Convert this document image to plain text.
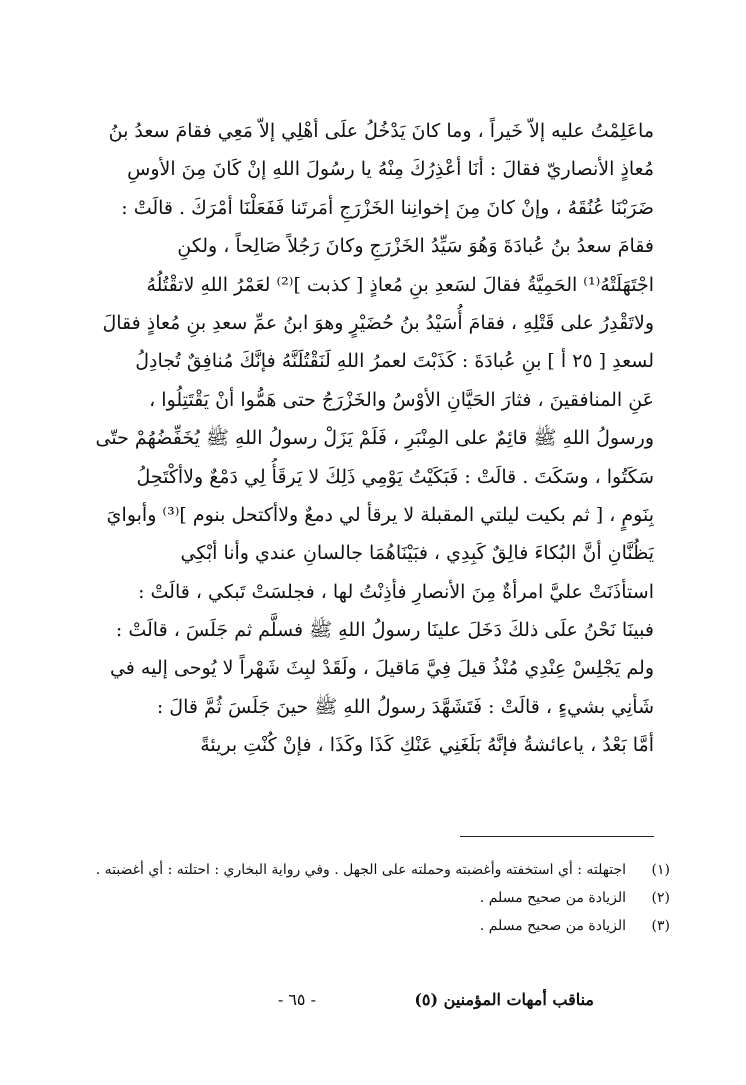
ماعَلِمْتُ عليه إلاّ خَيراً ، وما كانَ يَدْخُلُ علَى أهْلِي إلاّ مَعِي فقامَ سعدُ بنُ
مُعاذٍ الأنصاريّ فقالَ : أنَا أعْذِرُكَ مِنْهُ يا رسُولَ اللهِ إنْ كَانَ مِنَ الأوسِ
ضَرَبْنَا عُنُقَهُ ، وإنْ كانَ مِنَ إخوانِنا الخَزْرَجِ أمَرتَنا فَفَعَلْنَا أمْرَكَ . قالَتْ :
فقامَ سعدُ بنُ عُبادَةَ وَهُوَ سَيِّدُ الخَزْرَجِ وكانَ رَجُلاً صَالِحاً ، ولكنِ
اجْتَهَلَتْهُ⁽¹⁾ الحَمِيَّةُ فقالَ لسَعدِ بنِ مُعاذٍ [ كذبت ]⁽²⁾ لعَمْرُ اللهِ لاتقْتُلُهُ
ولاتَقْدِرُ على قَتْلِهِ ، فقامَ أُسَيْدُ بنُ حُضَيْرٍ وهوَ ابنُ عمِّ سعدِ بنِ مُعاذٍ فقالَ
لسعدِ [ ٢٥ أ ] بنِ عُبادَةَ : كَذَبْتَ لعمرُ اللهِ لَنَقْتُلَنَّهُ فإنَّكَ مُنافِقٌ تُجادِلُ
عَنِ المنافقينَ ، فثارَ الحَيَّانِ الأوْسُ والخَزْرَجُ حتى هَمُّوا أنْ يَقْتَتِلُوا ،
ورسولُ اللهِ ﷺ قائِمٌ على المِنْبَرِ ، فَلَمْ يَزَلْ رسولُ اللهِ ﷺ يُخَفِّضُهُمْ حتّى
سَكَتُوا ، وسَكَتَ . قالَتْ : فَبَكَيْتُ يَوْمِي ذَلِكَ لا يَرقَأُ لِي دَمْعٌ ولاأكْتَحِلُ
بِنَومٍ ، [ ثم بكيت ليلتي المقبلة لا يرقأ لي دمعٌ ولاأكتحل بنوم ]⁽³⁾ وأبوايَ
يَظُنَّانِ أنَّ البُكاءَ فالِقٌ كَبِدِي ، فبَيْنَاهُمَا جالسانِ عندي وأنا أبْكِي
استأذَنَتْ عليَّ امرأةٌ مِنَ الأنصارِ فأذِنْتُ لها ، فجلسَتْ تَبكي ، قالَتْ :
فبينَا نَحْنُ علَى ذلكَ دَخَلَ علينَا رسولُ اللهِ ﷺ فسلَّم ثم جَلَسَ ، قالَتْ :
ولم يَجْلِسْ عِنْدِي مُنْذُ قيلَ فِيَّ مَاقيلَ ، ولَقَدْ لبِثَ شَهْراً لا يُوحى إليه في
شَأنِي بشيءٍ ، قالَتْ : فَتَشَهَّدَ رسولُ اللهِ ﷺ حينَ جَلَسَ ثُمَّ قالَ :
أمَّا بَعْدُ ، ياعائشةُ فإنَّهُ بَلَغَنِي عَنْكِ كَذَا وكَذَا ، فإنْ كُنْتِ بريئةً
(١)
اجتهلته : أي استخفته وأغضبته وحملته على الجهل . وفي رواية البخاري : احتلته : أي أغضبته .
(٢)
الزيادة من صحيح مسلم .
(٣)
الزيادة من صحيح مسلم .
مناقب أمهات المؤمنين (٥)
- ٦٥ -
